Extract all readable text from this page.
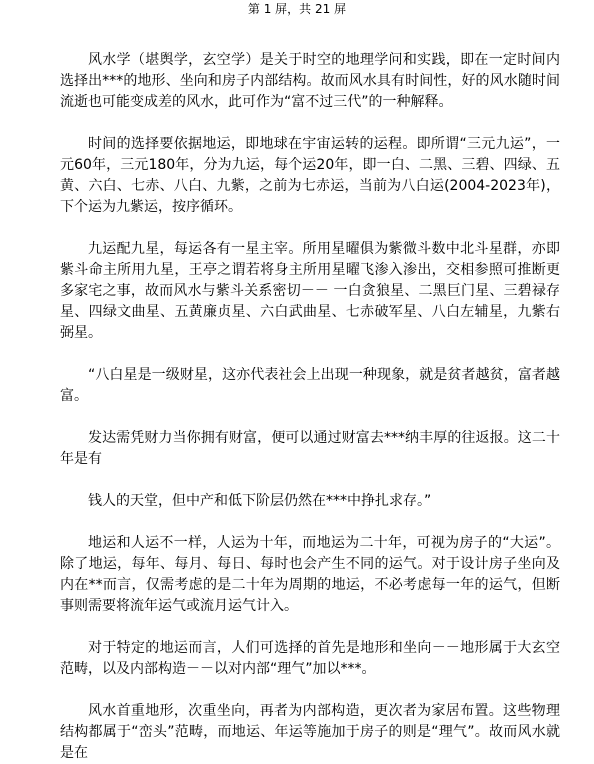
第 1 屏，共 21 屏

风水学（堪舆学，玄空学）是关于时空的地理学问和实践，即在一定时间内选择出***的地形、坐向和房子内部结构。故而风水具有时间性，好的风水随时间流逝也可能变成差的风水，此可作为“富不过三代”的一种解释。

时间的选择要依据地运，即地球在宇宙运转的运程。即所谓“三元九运”，一元60年，三元180年，分为九运，每个运20年，即一白、二黑、三碧、四绿、五黄、六白、七赤、八白、九紫，之前为七赤运，当前为八白运(2004-2023年)，下个运为九紫运，按序循环。

九运配九星，每运各有一星主宰。所用星曜俱为紫微斗数中北斗星群，亦即紫斗命主所用九星，王亭之谓若将身主所用星曜飞渗入渗出，交相参照可推断更多家宅之事，故而风水与紫斗关系密切－－ 一白贪狼星、二黑巨门星、三碧禄存星、四绿文曲星、五黄廉贞星、六白武曲星、七赤破军星、八白左辅星，九紫右弼星。

“八白星是一级财星，这亦代表社会上出现一种现象，就是贫者越贫，富者越富。

发达需凭财力当你拥有财富，便可以通过财富去***纳丰厚的往返报。这二十年是有

钱人的天堂，但中产和低下阶层仍然在***中挣扎求存。”

地运和人运不一样，人运为十年，而地运为二十年，可视为房子的“大运”。除了地运，每年、每月、每日、每时也会产生不同的运气。对于设计房子坐向及内在**而言，仅需考虑的是二十年为周期的地运，不必考虑每一年的运气，但断事则需要将流年运气或流月运气计入。

对于特定的地运而言，人们可选择的首先是地形和坐向－－地形属于大玄空范畴，以及内部构造－－以对内部“理气”加以***。

风水首重地形，次重坐向，再者为内部构造，更次者为家居布置。这些物理结构都属于“峦头”范畴，而地运、年运等施加于房子的则是“理气”。故而风水就是在
